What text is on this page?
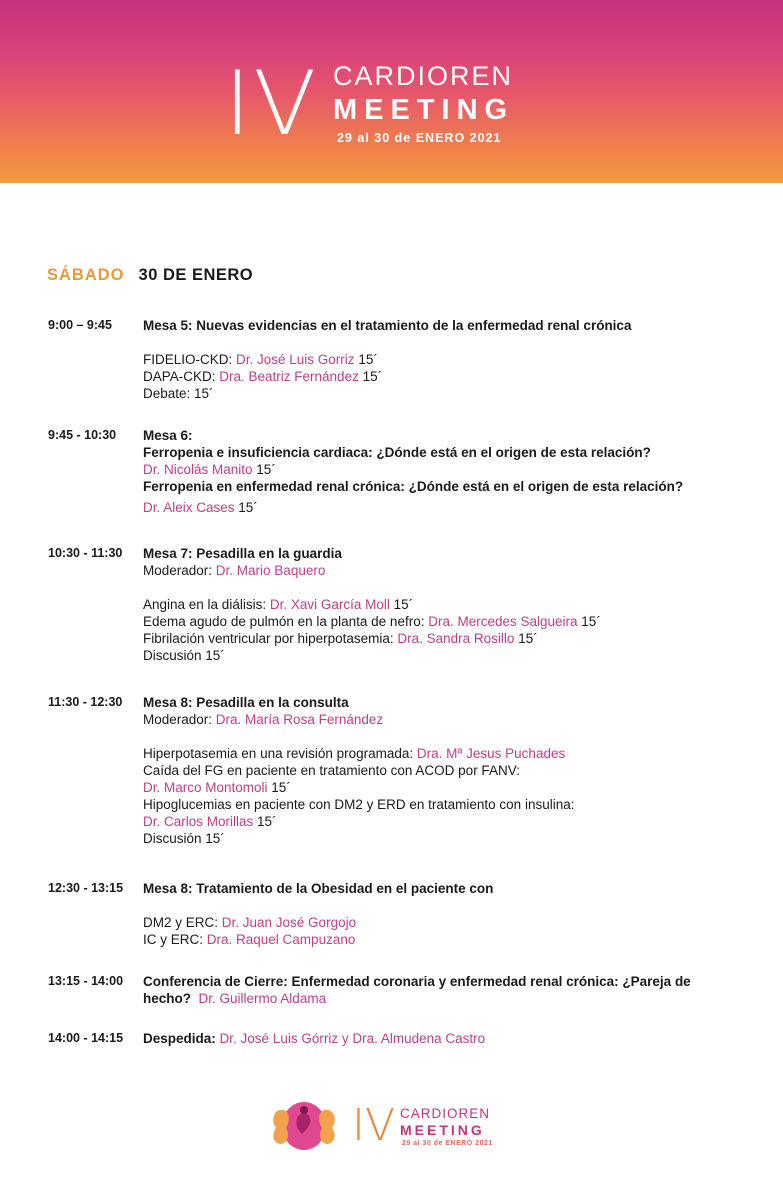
IV CARDIOREN
MEETING
29 al 30 de ENERO 2021
SÁBADO 30 DE ENERO
9:00 – 9:45 Mesa 5: Nuevas evidencias en el tratamiento de la enfermedad renal crónica
FIDELIO-CKD: Dr. José Luis Gorriz 15´
DAPA-CKD: Dra. Beatriz Fernández 15´
Debate: 15´
9:45 - 10:30 Mesa 6:
Ferropenia e insuficiencia cardiaca: ¿Dónde está en el origen de esta relación?
Dr. Nicolás Manito 15´
Ferropenia en enfermedad renal crónica: ¿Dónde está en el origen de esta relación?
Dr. Aleix Cases 15´
10:30 - 11:30 Mesa 7: Pesadilla en la guardia
Moderador: Dr. Mario Baquero
Angina en la diálisis: Dr. Xavi García Moll 15´
Edema agudo de pulmón en la planta de nefro: Dra. Mercedes Salgueira 15´
Fibrilación ventricular por hiperpotasemia: Dra. Sandra Rosillo 15´
Discusión 15´
11:30 - 12:30 Mesa 8: Pesadilla en la consulta
Moderador: Dra. María Rosa Fernández
Hiperpotasemia en una revisión programada: Dra. Mª Jesus Puchades
Caída del FG en paciente en tratamiento con ACOD por FANV:
Dr. Marco Montomoli 15´
Hipoglucemias en paciente con DM2 y ERD en tratamiento con insulina:
Dr. Carlos Morillas 15´
Discusión 15´
12:30 - 13:15 Mesa 8: Tratamiento de la Obesidad en el paciente con
DM2 y ERC: Dr. Juan José Gorgojo
IC y ERC: Dra. Raquel Campuzano
13:15 - 14:00 Conferencia de Cierre: Enfermedad coronaria y enfermedad renal crónica: ¿Pareja de
hecho? Dr. Guillermo Aldama
14:00 - 14:15 Despedida: Dr. José Luis Górriz y Dra. Almudena Castro
IV CARDIOREN
MEETING
29 al 30 de ENERO 2021
